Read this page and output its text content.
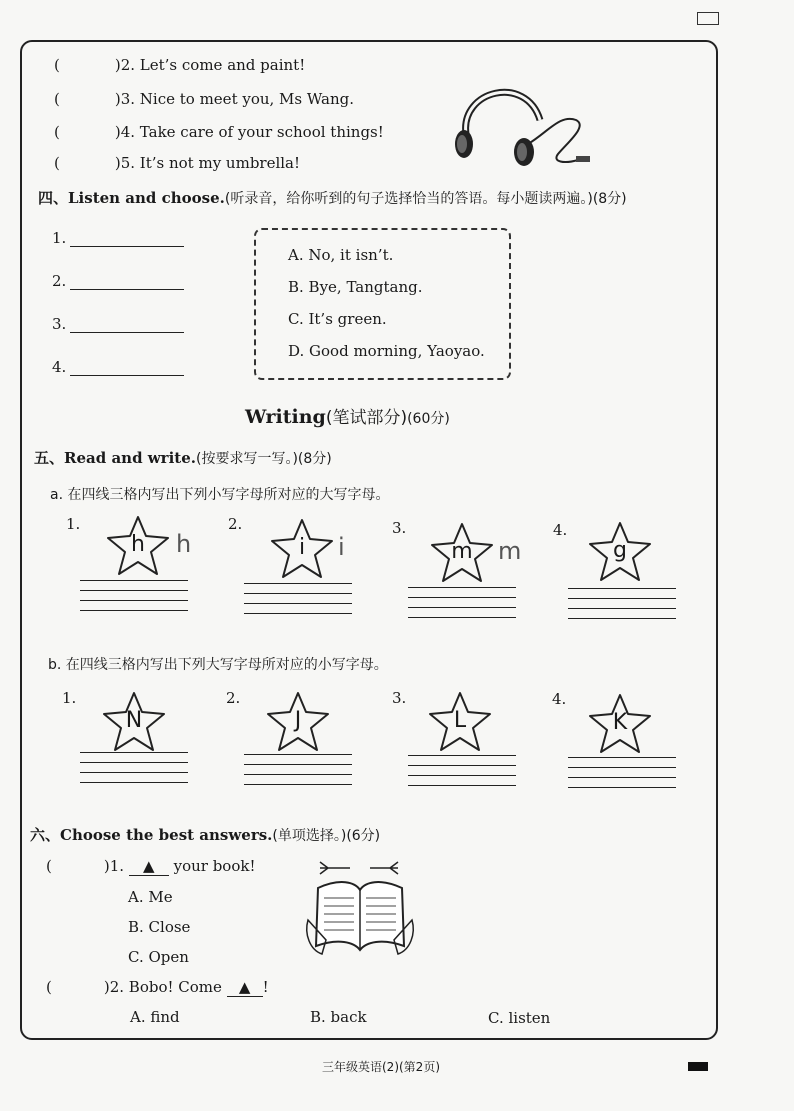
(	)2. Let’s come and paint!
(	)3. Nice to meet you, Ms Wang.
(	)4. Take care of your school things!
(	)5. It’s not my umbrella!
四、Listen and choose.(听录音，给你听到的句子选择恰当的答语。每小题读两遍。)(8分)
1.
2.
3.
4.
A. No, it isn’t.
B. Bye, Tangtang.
C. It’s green.
D. Good morning, Yaoyao.
Writing(笔试部分)(60分)
五、Read and write.(按要求写一写。)(8分)
a. 在四线三格内写出下列小写字母所对应的大写字母。
1.
h	h
2.
i	i
3.
m	m
4.
g
b. 在四线三格内写出下列大写字母所对应的小写字母。
1.
N
2.
J
3.
L
4.
K
六、Choose the best answers.(单项选择。)(6分)
(	)1. ▲ your book!
A. Me
B. Close
C. Open
(	)2. Bobo! Come ▲ !
A. find	B. back	C. listen
三年级英语(2)(第2页)
